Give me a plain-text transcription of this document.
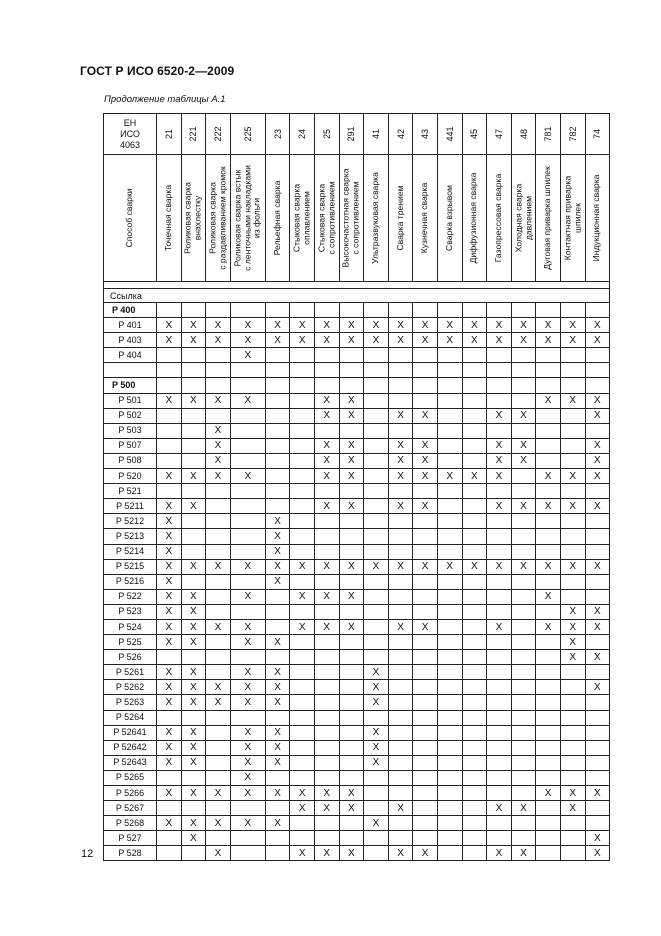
ГОСТ Р ИСО 6520-2—2009
Продолжение таблицы А.1
ЕН
ИСО
4063	21	221	222	225	23	24	25	291	41	42	43	441	45	47	48	781	782	74

Способ сварки	Точечная сварка	Роликовая сварка внахлестку	Роликовая сварка с раздавливанием кромок	Роликовая сварка встык с ленточными накладками из фольги	Рельефная сварка	Стыковая сварка оплавлением	Стыковая сварка с сопротивлением	Высокочастотная сварка с сопротивлением	Ультразвуковая сварка	Сварка трением	Кузнечная сварка	Сварка взрывом	Диффузионная сварка	Газопрессовая сварка	Холодная сварка давлением	Дуговая приварка шпилек	Контактная приварка шпилек	Индукционная сварка

Ссылка																		
P 400																		
P 401	X	X	X	X	X	X	X	X	X	X	X	X	X	X	X	X	X	X
P 403	X	X	X	X	X	X	X	X	X	X	X	X	X	X	X	X	X	X
P 404				X														

P 500																		
P 501	X	X	X	X			X	X								X	X	X
P 502							X	X		X	X			X	X			X
P 503			X															
P 507			X				X	X		X	X			X	X			X
P 508			X				X	X		X	X			X	X			X
P 520	X	X	X	X			X	X		X	X	X	X	X		X	X	X
P 521																		
P 5211	X	X					X	X		X	X			X	X	X	X	X
P 5212	X				X													
P 5213	X				X													
P 5214	X				X													
P 5215	X	X	X	X	X	X	X	X	X	X	X	X	X	X	X	X	X	X
P 5216	X				X													
P 522	X	X		X		X	X	X								X		
P 523	X	X															X	X
P 524	X	X	X	X		X	X	X		X	X			X		X	X	X
P 525	X	X		X	X												X	
P 526																	X	X
P 5261	X	X		X	X				X									
P 5262	X	X	X	X	X				X									X
P 5263	X	X	X	X	X				X									
P 5264																		
P 52641	X	X		X	X				X									
P 52642	X	X		X	X				X									
P 52643	X	X		X	X				X									
P 5265				X														
P 5266	X	X	X	X	X	X	X	X								X	X	X
P 5267						X	X	X		X				X	X		X	
P 5268	X	X	X	X	X				X									
P 527		X																X
P 528			X			X	X	X		X	X			X	X			X
12
